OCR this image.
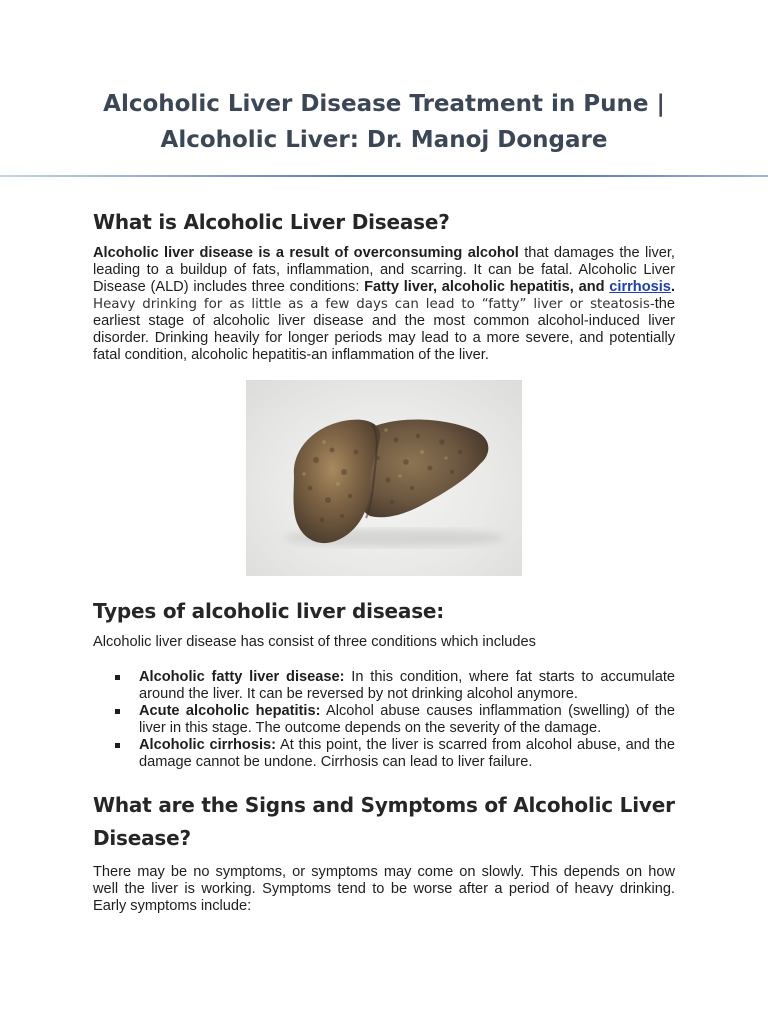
Alcoholic Liver Disease Treatment in Pune |
Alcoholic Liver: Dr. Manoj Dongare
What is Alcoholic Liver Disease?

Alcoholic liver disease is a result of overconsuming alcohol that damages the liver, leading to a buildup of fats, inflammation, and scarring. It can be fatal. Alcoholic Liver Disease (ALD) includes three conditions: Fatty liver, alcoholic hepatitis, and cirrhosis. Heavy drinking for as little as a few days can lead to “fatty” liver or steatosis-the earliest stage of alcoholic liver disease and the most common alcohol-induced liver disorder. Drinking heavily for longer periods may lead to a more severe, and potentially fatal condition, alcoholic hepatitis-an inflammation of the liver.

Types of alcoholic liver disease:

Alcoholic liver disease has consist of three conditions which includes

Alcoholic fatty liver disease: In this condition, where fat starts to accumulate around the liver. It can be reversed by not drinking alcohol anymore.
Acute alcoholic hepatitis: Alcohol abuse causes inflammation (swelling) of the liver in this stage. The outcome depends on the severity of the damage.
Alcoholic cirrhosis: At this point, the liver is scarred from alcohol abuse, and the damage cannot be undone. Cirrhosis can lead to liver failure.
What are the Signs and Symptoms of Alcoholic Liver Disease?

There may be no symptoms, or symptoms may come on slowly. This depends on how well the liver is working. Symptoms tend to be worse after a period of heavy drinking. Early symptoms include:
